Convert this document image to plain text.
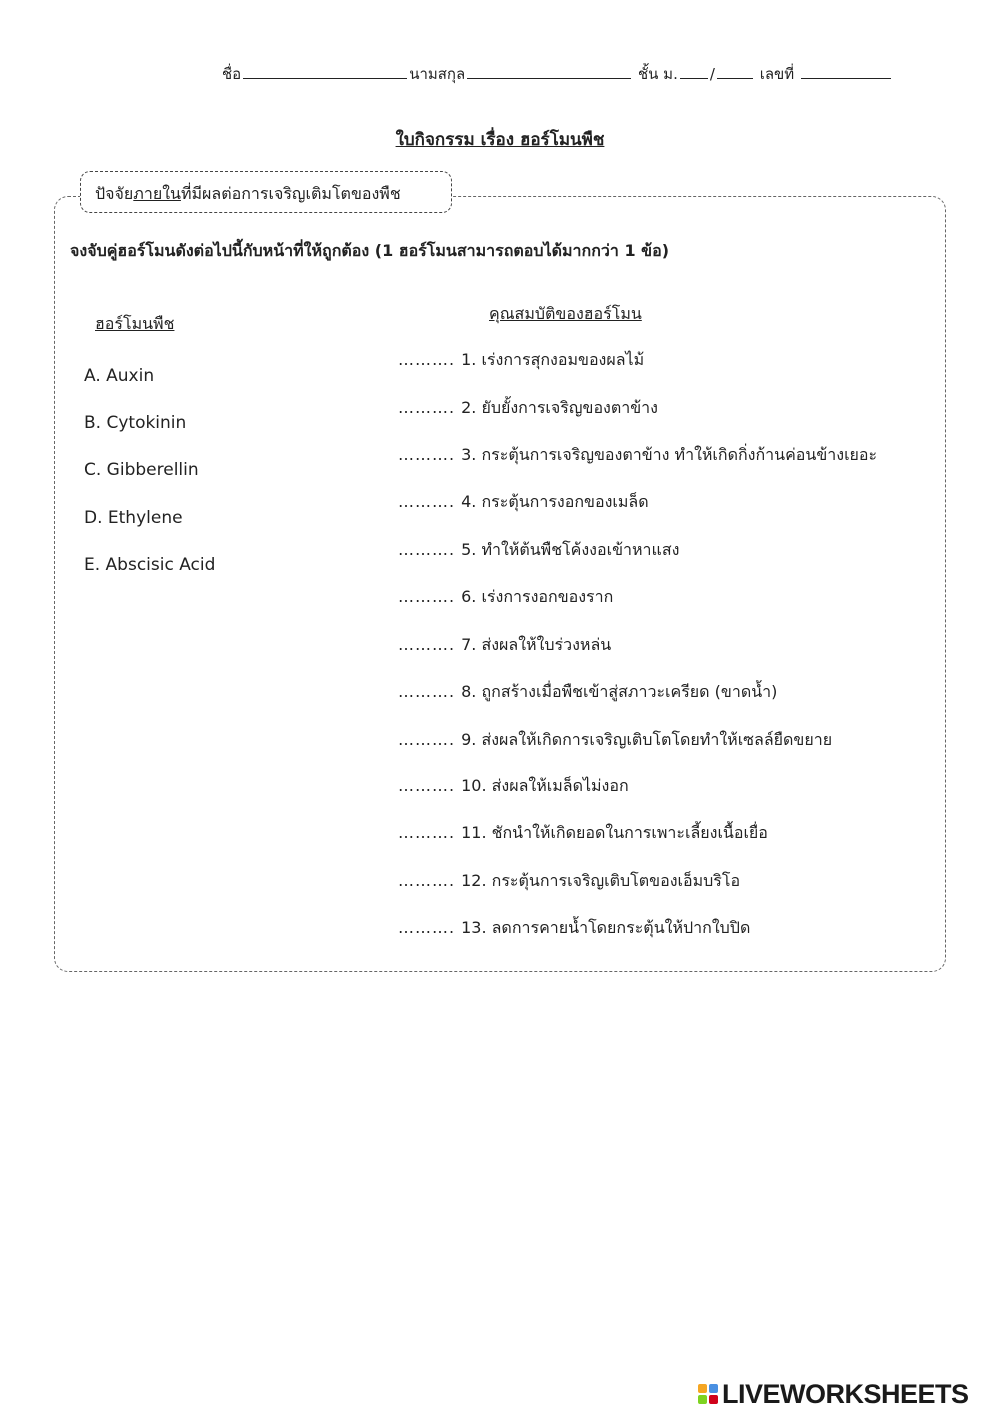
ชื่อ	นามสกุล	ชั้น ม. /	เลขที่
ใบกิจกรรม เรื่อง ฮอร์โมนพืช
ปัจจัยภายในที่มีผลต่อการเจริญเติมโตของพืช
จงจับคู่ฮอร์โมนดังต่อไปนี้กับหน้าที่ให้ถูกต้อง (1 ฮอร์โมนสามารถตอบได้มากกว่า 1 ข้อ)
ฮอร์โมนพืช
คุณสมบัติของฮอร์โมน
A. Auxin
B. Cytokinin
C. Gibberellin
D. Ethylene
E. Abscisic Acid
………. 1. เร่งการสุกงอมของผลไม้
………. 2. ยับยั้งการเจริญของตาข้าง
………. 3. กระตุ้นการเจริญของตาข้าง ทำให้เกิดกิ่งก้านค่อนข้างเยอะ
………. 4. กระตุ้นการงอกของเมล็ด
………. 5. ทำให้ต้นพืชโค้งงอเข้าหาแสง
………. 6. เร่งการงอกของราก
………. 7. ส่งผลให้ใบร่วงหล่น
………. 8. ถูกสร้างเมื่อพืชเข้าสู่สภาวะเครียด (ขาดน้ำ)
………. 9. ส่งผลให้เกิดการเจริญเติบโตโดยทำให้เซลล์ยืดขยาย
………. 10. ส่งผลให้เมล็ดไม่งอก
………. 11. ชักนำให้เกิดยอดในการเพาะเลี้ยงเนื้อเยื่อ
………. 12. กระตุ้นการเจริญเติบโตของเอ็มบริโอ
………. 13. ลดการคายน้ำโดยกระตุ้นให้ปากใบปิด
LIVEWORKSHEETS
